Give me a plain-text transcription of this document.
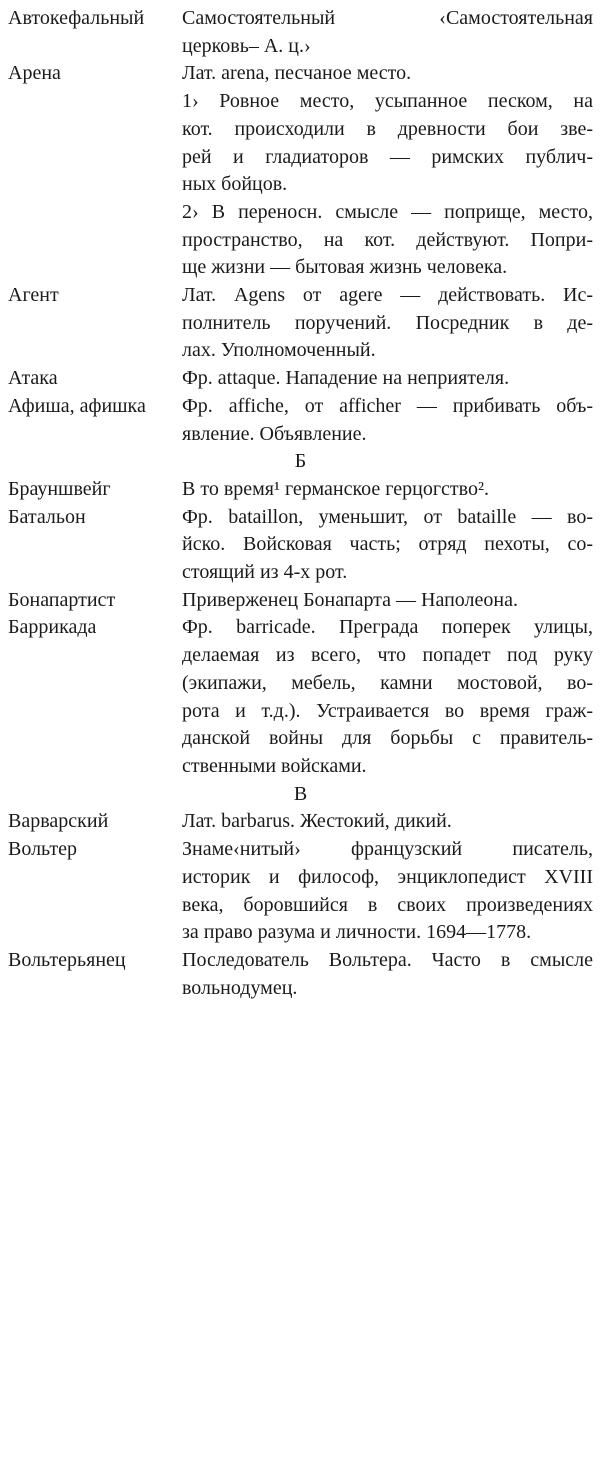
Автокефальный	Самостоятельный ‹Самостоятельная
церковь– А. ц.›
Арена	Лат. arena, песчаное место.
1› Ровное место, усыпанное песком, на
кот. происходили в древности бои зве-
рей и гладиаторов — римских публич-
ных бойцов.
2› В переносн. смысле — поприще, место,
пространство, на кот. действуют. Попри-
ще жизни — бытовая жизнь человека.
Агент	Лат. Agens от agere — действовать. Ис-
полнитель поручений. Посредник в де-
лах. Уполномоченный.
Атака	Фр. attaque. Нападение на неприятеля.
Афиша, афишка	Фр. affiche, от afficher — прибивать объ-
явление. Объявление.
Б
Брауншвейг	В то время¹ германское герцогство².
Батальон	Фр. bataillon, уменьшит, от bataille — во-
йско. Войсковая часть; отряд пехоты, со-
стоящий из 4-х рот.
Бонапартист	Приверженец Бонапарта — Наполеона.
Баррикада	Фр. barricade. Преграда поперек улицы,
делаемая из всего, что попадет под руку
(экипажи, мебель, камни мостовой, во-
рота и т.д.). Устраивается во время граж-
данской войны для борьбы с правитель-
ственными войсками.
В
Варварский	Лат. barbarus. Жестокий, дикий.
Вольтер	Знаме‹нитый› французский писатель,
историк и философ, энциклопедист XVIII
века, боровшийся в своих произведениях
за право разума и личности. 1694—1778.
Вольтерьянец	Последователь Вольтера. Часто в смысле
вольнодумец.
